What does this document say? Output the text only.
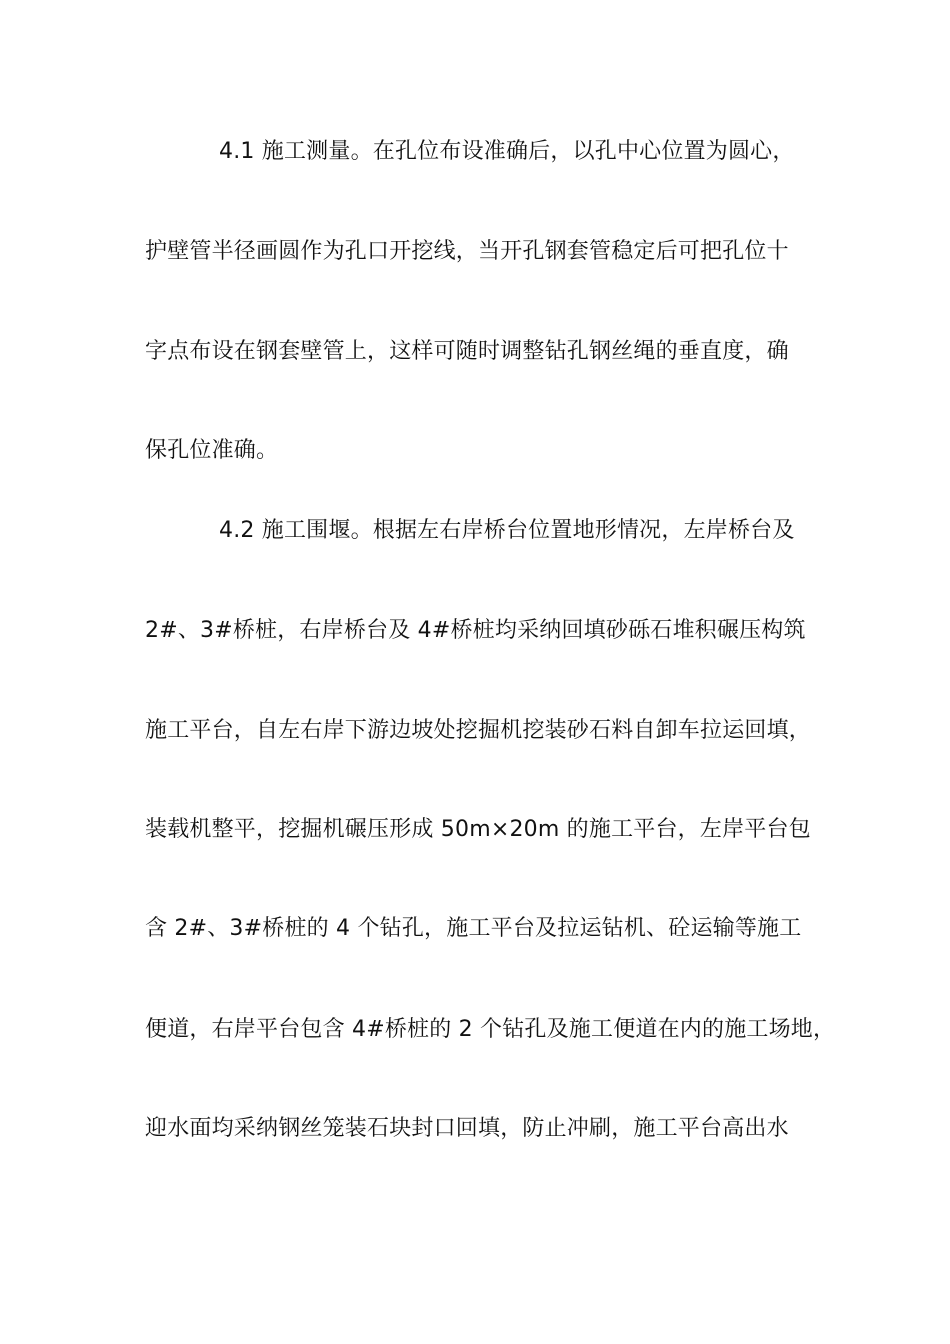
4.1 施工测量。在孔位布设准确后，以孔中心位置为圆心，
护壁管半径画圆作为孔口开挖线，当开孔钢套管稳定后可把孔位十
字点布设在钢套壁管上，这样可随时调整钻孔钢丝绳的垂直度，确
保孔位准确。
4.2 施工围堰。根据左右岸桥台位置地形情况，左岸桥台及
2#、3#桥桩，右岸桥台及 4#桥桩均采纳回填砂砾石堆积碾压构筑
施工平台，自左右岸下游边坡处挖掘机挖装砂石料自卸车拉运回填，
装载机整平，挖掘机碾压形成 50m×20m 的施工平台，左岸平台包
含 2#、3#桥桩的 4 个钻孔，施工平台及拉运钻机、砼运输等施工
便道，右岸平台包含 4#桥桩的 2 个钻孔及施工便道在内的施工场地，
迎水面均采纳钢丝笼装石块封口回填，防止冲刷，施工平台高出水
